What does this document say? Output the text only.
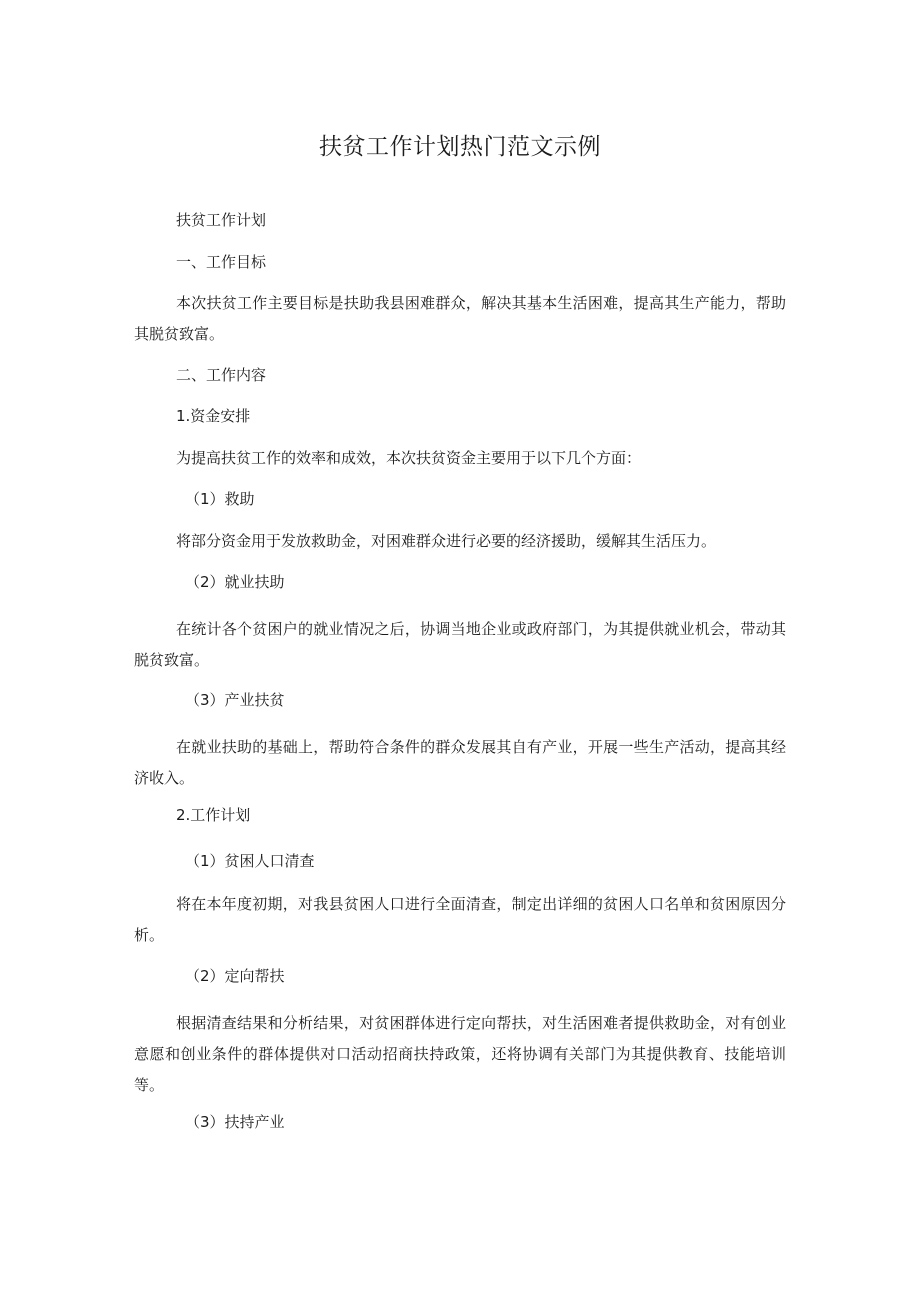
扶贫工作计划热门范文示例
扶贫工作计划
一、工作目标
本次扶贫工作主要目标是扶助我县困难群众，解决其基本生活困难，提高其生产能力，帮助其脱贫致富。
二、工作内容
1.资金安排
为提高扶贫工作的效率和成效，本次扶贫资金主要用于以下几个方面：
（1）救助
将部分资金用于发放救助金，对困难群众进行必要的经济援助，缓解其生活压力。
（2）就业扶助
在统计各个贫困户的就业情况之后，协调当地企业或政府部门，为其提供就业机会，带动其脱贫致富。
（3）产业扶贫
在就业扶助的基础上，帮助符合条件的群众发展其自有产业，开展一些生产活动，提高其经济收入。
2.工作计划
（1）贫困人口清查
将在本年度初期，对我县贫困人口进行全面清查，制定出详细的贫困人口名单和贫困原因分析。
（2）定向帮扶
根据清查结果和分析结果，对贫困群体进行定向帮扶，对生活困难者提供救助金，对有创业意愿和创业条件的群体提供对口活动招商扶持政策，还将协调有关部门为其提供教育、技能培训等。
（3）扶持产业
